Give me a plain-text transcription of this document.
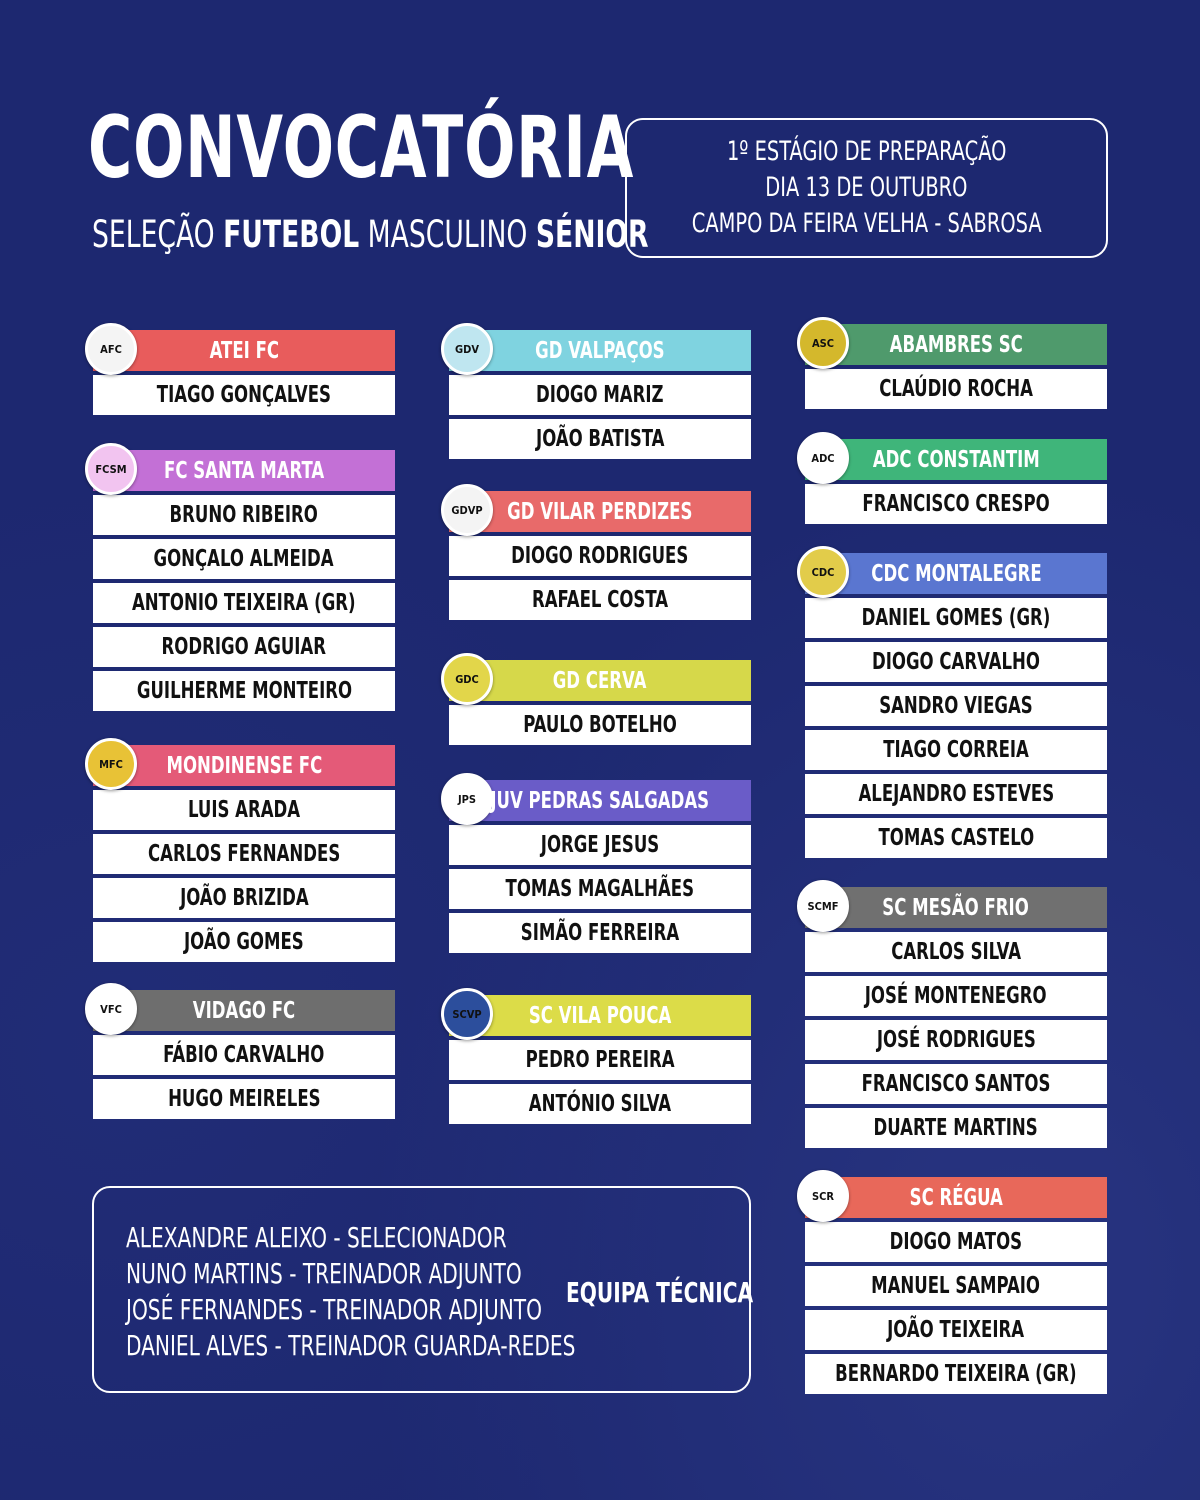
CONVOCATÓRIA
SELEÇÃO FUTEBOL MASCULINO SÉNIOR
1º ESTÁGIO DE PREPARAÇÃO
DIA 13 DE OUTUBRO
CAMPO DA FEIRA VELHA - SABROSA
AFC	ATEI FC
TIAGO GONÇALVES
FCSM	FC SANTA MARTA
BRUNO RIBEIRO
GONÇALO ALMEIDA
ANTONIO TEIXEIRA (GR)
RODRIGO AGUIAR
GUILHERME MONTEIRO
MFC	MONDINENSE FC
LUIS ARADA
CARLOS FERNANDES
JOÃO BRIZIDA
JOÃO GOMES
VFC	VIDAGO FC
FÁBIO CARVALHO
HUGO MEIRELES
GDV	GD VALPAÇOS
DIOGO MARIZ
JOÃO BATISTA
GDVP	GD VILAR PERDIZES
DIOGO RODRIGUES
RAFAEL COSTA
GDC	GD CERVA
PAULO BOTELHO
JPS JUV PEDRAS SALGADAS
JORGE JESUS
TOMAS MAGALHÃES
SIMÃO FERREIRA
SCVP	SC VILA POUCA
PEDRO PEREIRA
ANTÓNIO SILVA
ASC	ABAMBRES SC
CLAÚDIO ROCHA
ADC	ADC CONSTANTIM
FRANCISCO CRESPO
CDC	CDC MONTALEGRE
DANIEL GOMES (GR)
DIOGO CARVALHO
SANDRO VIEGAS
TIAGO CORREIA
ALEJANDRO ESTEVES
TOMAS CASTELO
SCMF	SC MESÃO FRIO
CARLOS SILVA
JOSÉ MONTENEGRO
JOSÉ RODRIGUES
FRANCISCO SANTOS
DUARTE MARTINS
SCR	SC RÉGUA
DIOGO MATOS
MANUEL SAMPAIO
JOÃO TEIXEIRA
BERNARDO TEIXEIRA (GR)
ALEXANDRE ALEIXO - SELECIONADOR
NUNO MARTINS - TREINADOR ADJUNTO
JOSÉ FERNANDES - TREINADOR ADJUNTO
DANIEL ALVES - TREINADOR GUARDA-REDES
EQUIPA TÉCNICA
